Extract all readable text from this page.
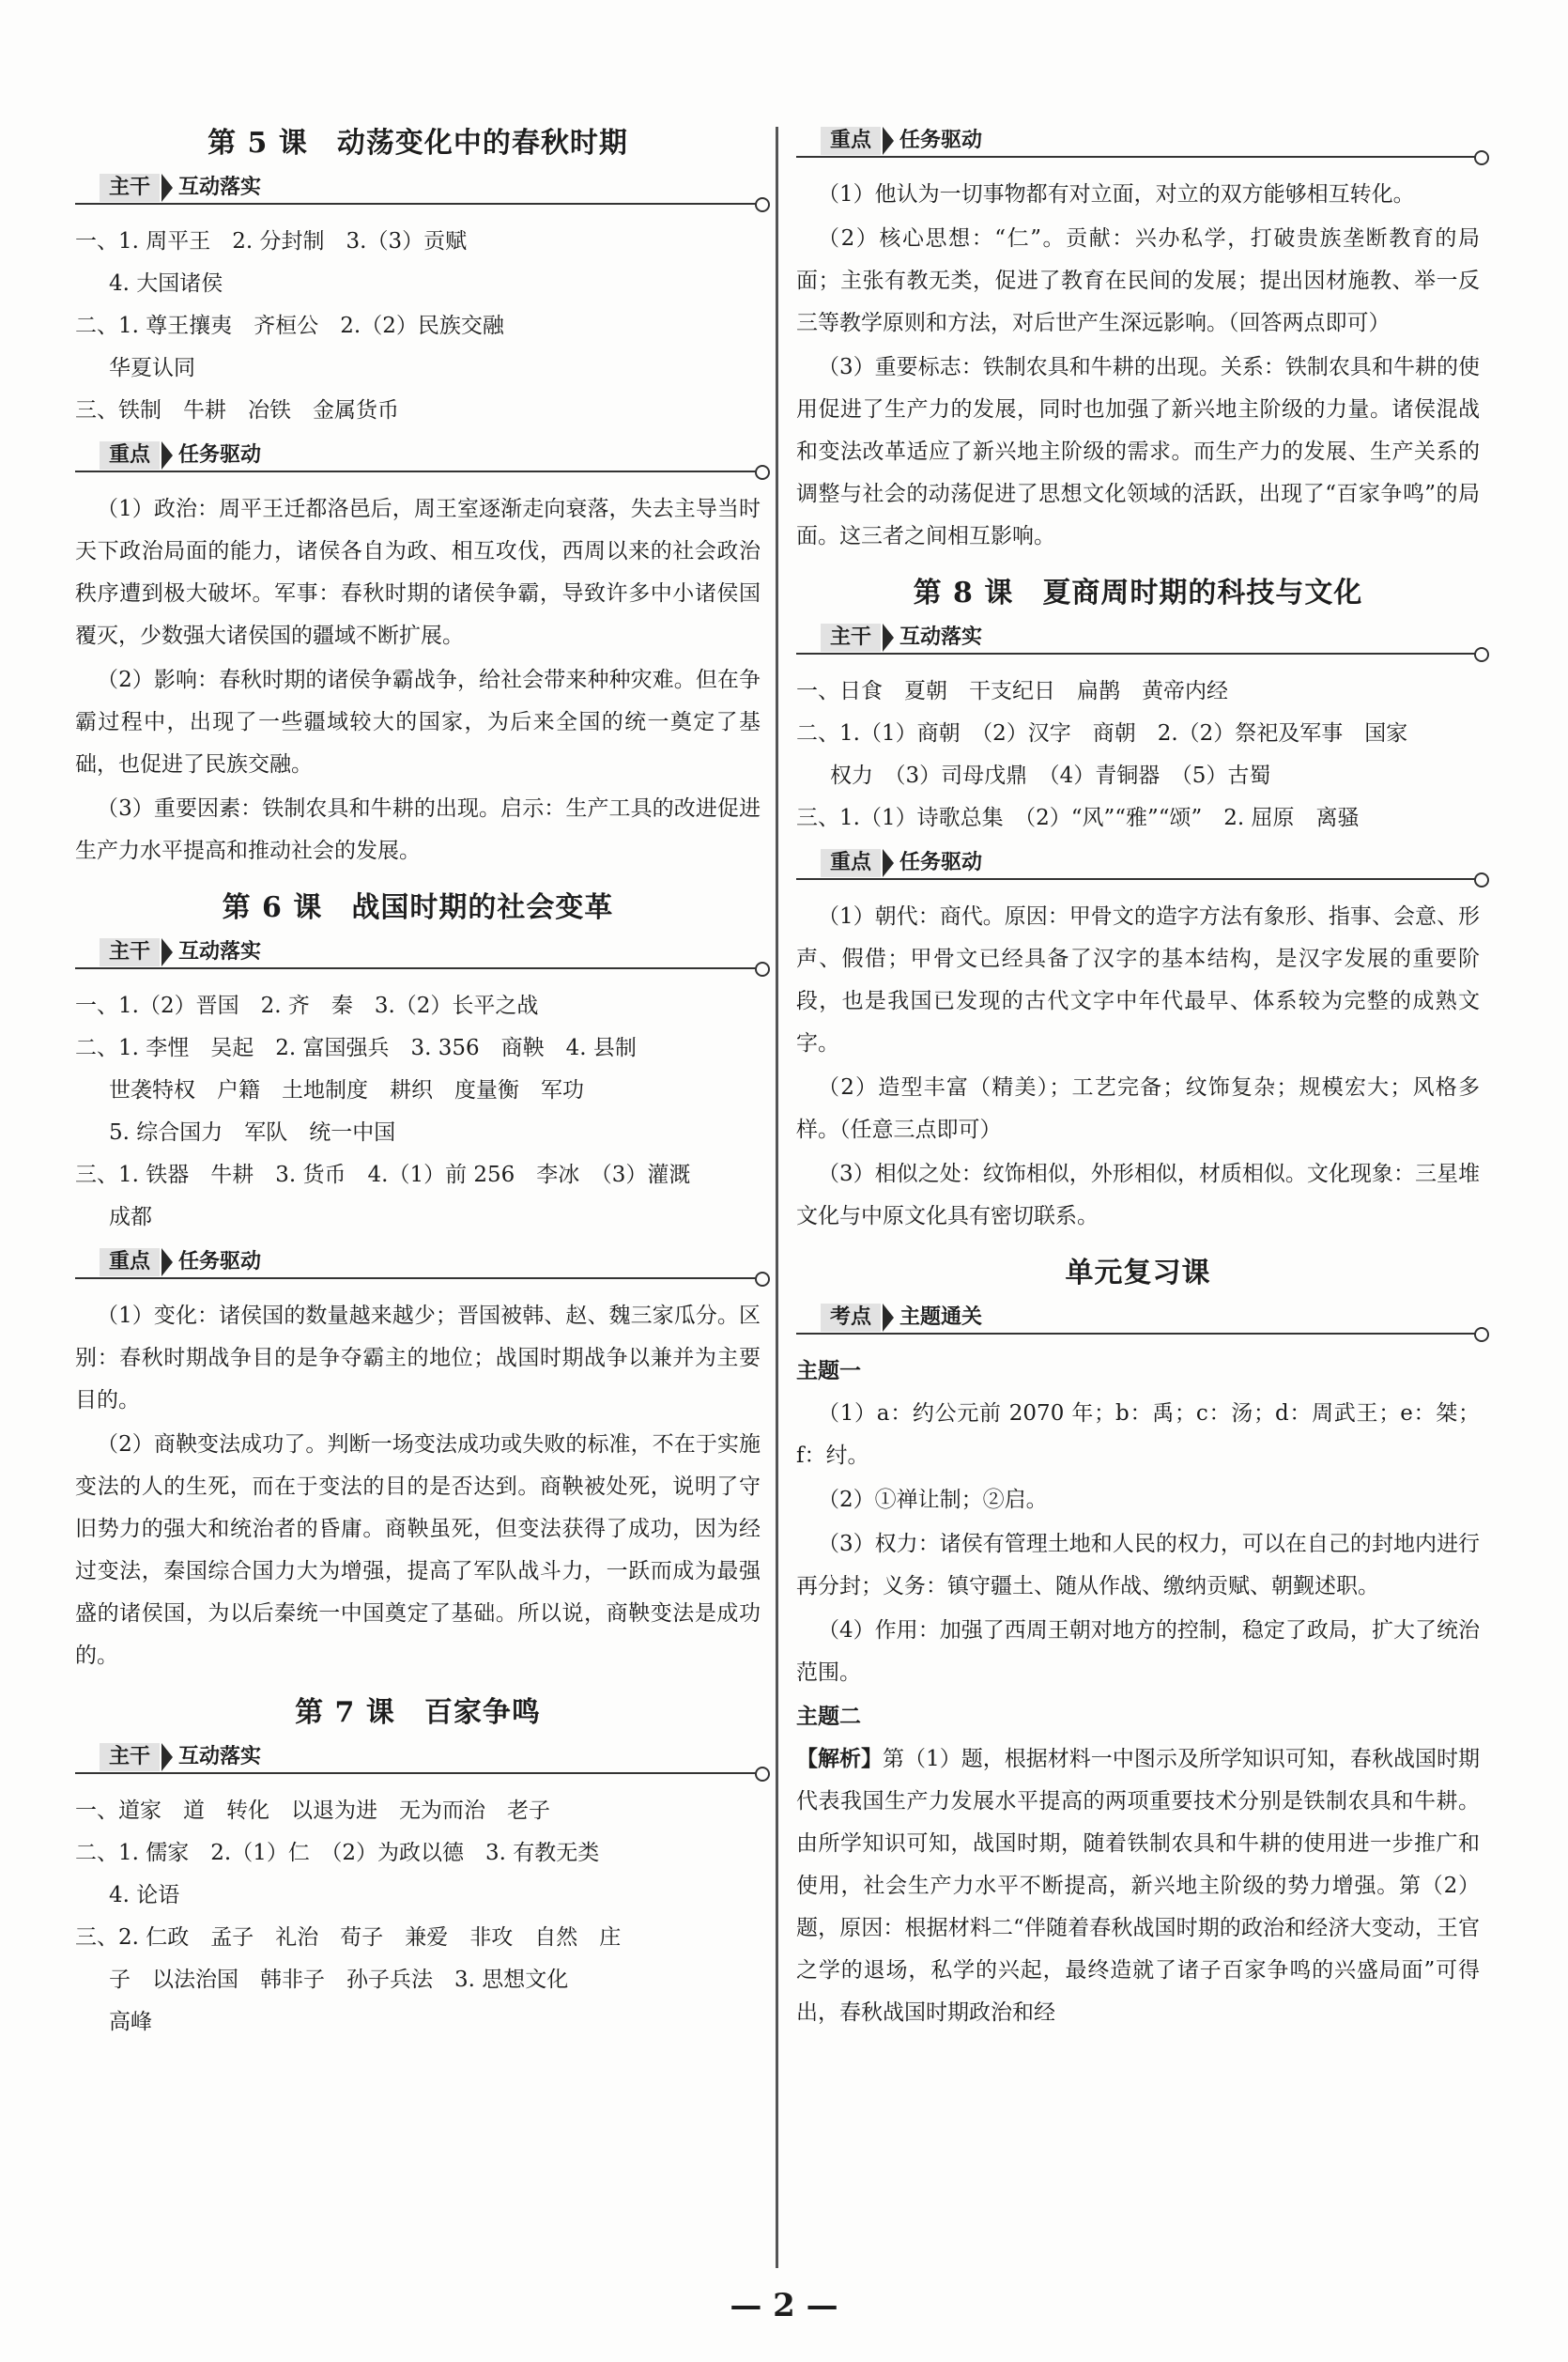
第 5 课　动荡变化中的春秋时期
主干	互动落实
一、1. 周平王　2. 分封制　3.（3）贡赋
4. 大国诸侯
二、1. 尊王攘夷　齐桓公　2.（2）民族交融
华夏认同
三、铁制　牛耕　冶铁　金属货币
重点	任务驱动

（1）政治：周平王迁都洛邑后，周王室逐渐走向衰落，失去主导当时天下政治局面的能力，诸侯各自为政、相互攻伐，西周以来的社会政治秩序遭到极大破坏。军事：春秋时期的诸侯争霸，导致许多中小诸侯国覆灭，少数强大诸侯国的疆域不断扩展。

（2）影响：春秋时期的诸侯争霸战争，给社会带来种种灾难。但在争霸过程中，出现了一些疆域较大的国家，为后来全国的统一奠定了基础，也促进了民族交融。

（3）重要因素：铁制农具和牛耕的出现。启示：生产工具的改进促进生产力水平提高和推动社会的发展。

第 6 课　战国时期的社会变革
主干	互动落实
一、1.（2）晋国　2. 齐　秦　3.（2）长平之战
二、1. 李悝　吴起　2. 富国强兵　3. 356　商鞅　4. 县制
世袭特权　户籍　土地制度　耕织　度量衡　军功
5. 综合国力　军队　统一中国
三、1. 铁器　牛耕　3. 货币　4.（1）前 256　李冰　（3）灌溉
成都
重点	任务驱动

（1）变化：诸侯国的数量越来越少；晋国被韩、赵、魏三家瓜分。区别：春秋时期战争目的是争夺霸主的地位；战国时期战争以兼并为主要目的。

（2）商鞅变法成功了。判断一场变法成功或失败的标准，不在于实施变法的人的生死，而在于变法的目的是否达到。商鞅被处死，说明了守旧势力的强大和统治者的昏庸。商鞅虽死，但变法获得了成功，因为经过变法，秦国综合国力大为增强，提高了军队战斗力，一跃而成为最强盛的诸侯国，为以后秦统一中国奠定了基础。所以说，商鞅变法是成功的。

第 7 课　百家争鸣
主干	互动落实
一、道家　道　转化　以退为进　无为而治　老子
二、1. 儒家　2.（1）仁　（2）为政以德　3. 有教无类
4. 论语
三、2. 仁政　孟子　礼治　荀子　兼爱　非攻　自然　庄
子　以法治国　韩非子　孙子兵法　3. 思想文化
高峰
重点	任务驱动

（1）他认为一切事物都有对立面，对立的双方能够相互转化。

（2）核心思想：“仁”。贡献：兴办私学，打破贵族垄断教育的局面；主张有教无类，促进了教育在民间的发展；提出因材施教、举一反三等教学原则和方法，对后世产生深远影响。（回答两点即可）

（3）重要标志：铁制农具和牛耕的出现。关系：铁制农具和牛耕的使用促进了生产力的发展，同时也加强了新兴地主阶级的力量。诸侯混战和变法改革适应了新兴地主阶级的需求。而生产力的发展、生产关系的调整与社会的动荡促进了思想文化领域的活跃，出现了“百家争鸣”的局面。这三者之间相互影响。

第 8 课　夏商周时期的科技与文化
主干	互动落实
一、日食　夏朝　干支纪日　扁鹊　黄帝内经
二、1.（1）商朝　（2）汉字　商朝　2.（2）祭祀及军事　国家
权力　（3）司母戊鼎　（4）青铜器　（5）古蜀
三、1.（1）诗歌总集　（2）“风”“雅”“颂”　2. 屈原　离骚
重点	任务驱动

（1）朝代：商代。原因：甲骨文的造字方法有象形、指事、会意、形声、假借；甲骨文已经具备了汉字的基本结构，是汉字发展的重要阶段，也是我国已发现的古代文字中年代最早、体系较为完整的成熟文字。

（2）造型丰富（精美）；工艺完备；纹饰复杂；规模宏大；风格多样。（任意三点即可）

（3）相似之处：纹饰相似，外形相似，材质相似。文化现象：三星堆文化与中原文化具有密切联系。

单元复习课
考点	主题通关

主题一

（1）a：约公元前 2070 年；b：禹；c：汤；d：周武王；e：桀；f：纣。

（2）①禅让制；②启。

（3）权力：诸侯有管理土地和人民的权力，可以在自己的封地内进行再分封；义务：镇守疆土、随从作战、缴纳贡赋、朝觐述职。

（4）作用：加强了西周王朝对地方的控制，稳定了政局，扩大了统治范围。

主题二

【解析】第（1）题，根据材料一中图示及所学知识可知，春秋战国时期代表我国生产力发展水平提高的两项重要技术分别是铁制农具和牛耕。由所学知识可知，战国时期，随着铁制农具和牛耕的使用进一步推广和使用，社会生产力水平不断提高，新兴地主阶级的势力增强。第（2）题，原因：根据材料二“伴随着春秋战国时期的政治和经济大变动，王官之学的退场，私学的兴起，最终造就了诸子百家争鸣的兴盛局面”可得出，春秋战国时期政治和经

— 2 —
